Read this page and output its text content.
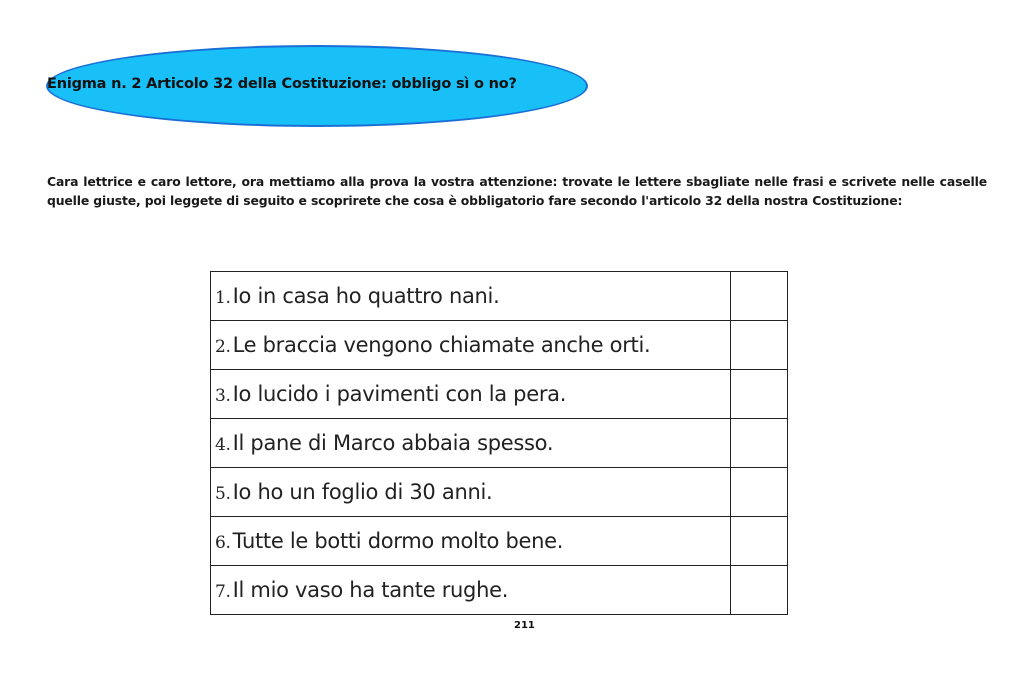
Enigma n. 2 Articolo 32 della Costituzione: obbligo sì o no?
Cara lettrice e caro lettore, ora mettiamo alla prova la vostra attenzione: trovate le lettere sbagliate nelle frasi e scrivete nelle caselle quelle giuste, poi leggete di seguito e scoprirete che cosa è obbligatorio fare secondo l'articolo 32 della nostra Costituzione:
1.Io in casa ho quattro nani.	
2.Le braccia vengono chiamate anche orti.	
3.Io lucido i pavimenti con la pera.	
4.Il pane di Marco abbaia spesso.	
5.Io ho un foglio di 30 anni.	
6.Tutte le botti dormo molto bene.	
7.Il mio vaso ha tante rughe.	
211
